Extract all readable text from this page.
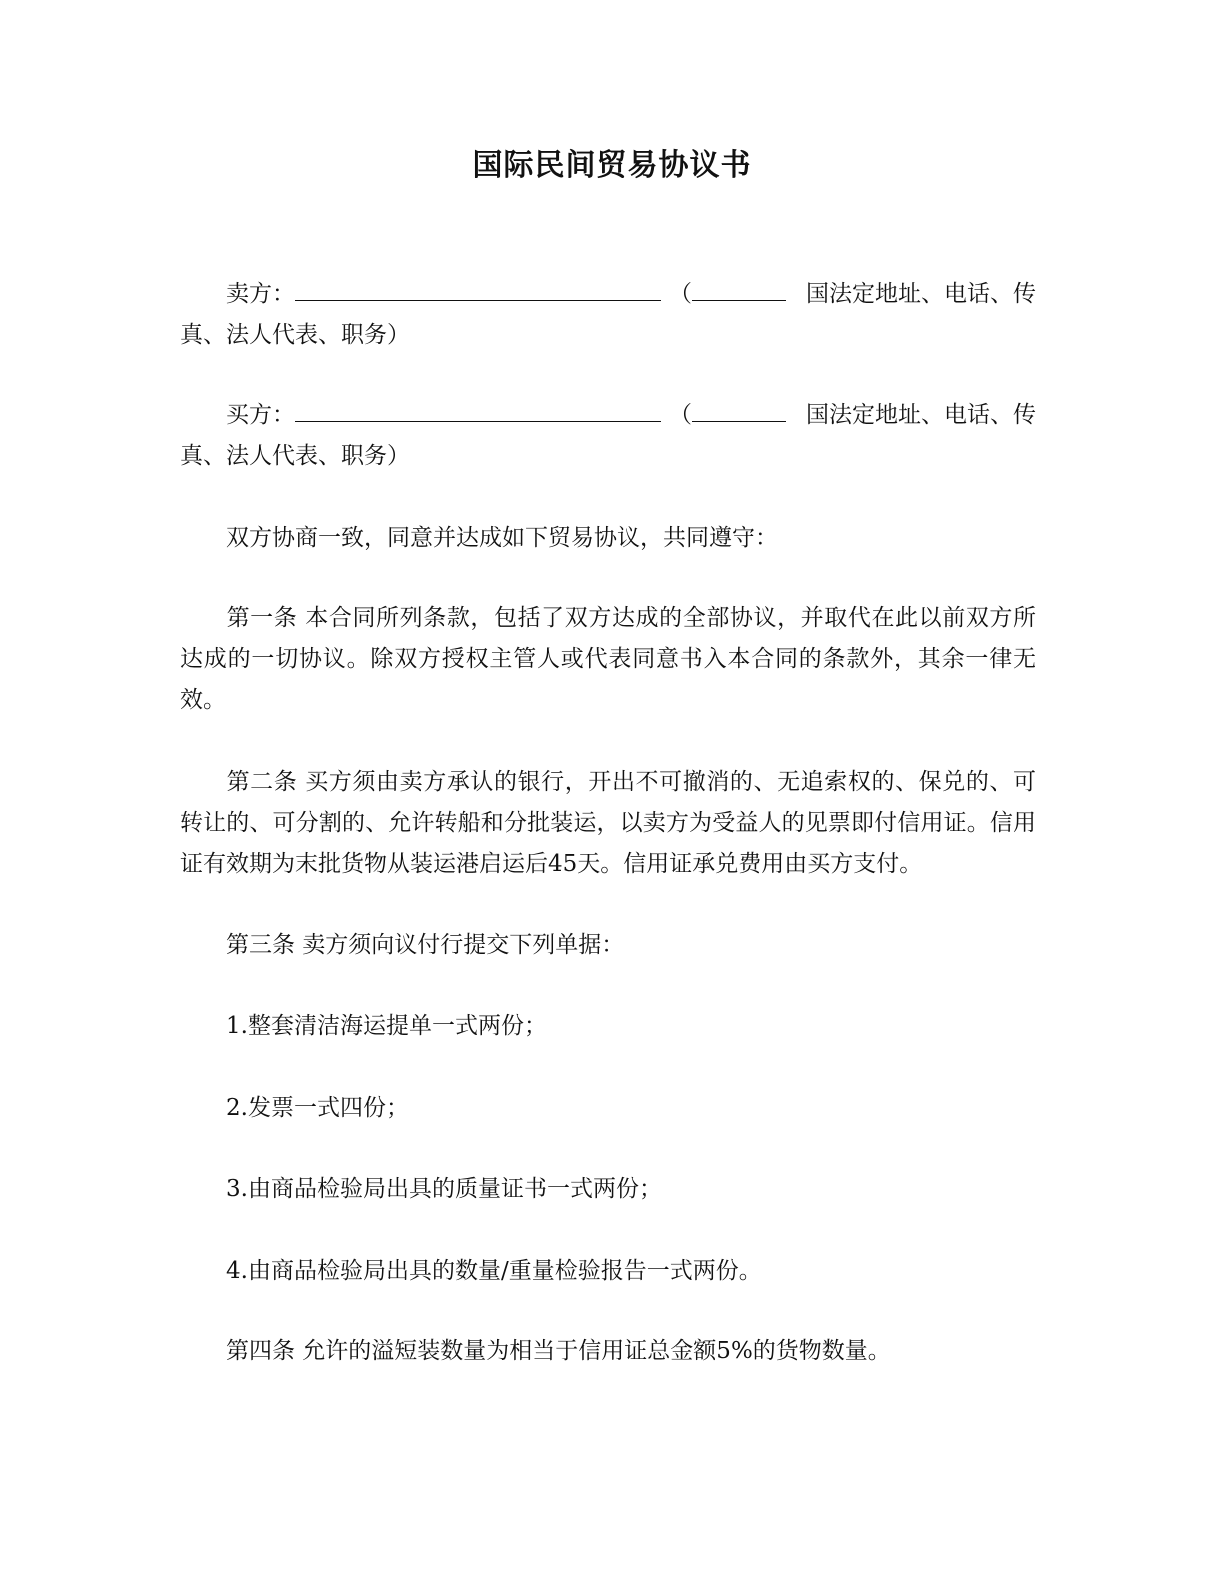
国际民间贸易协议书
卖方：	（	国法定地址、电话、传
真、法人代表、职务）
买方：	（	国法定地址、电话、传
真、法人代表、职务）

双方协商一致，同意并达成如下贸易协议，共同遵守：

第一条 本合同所列条款，包括了双方达成的全部协议，并取代在此以前双方所达成的一切协议。除双方授权主管人或代表同意书入本合同的条款外，其余一律无效。

第二条 买方须由卖方承认的银行，开出不可撤消的、无追索权的、保兑的、可转让的、可分割的、允许转船和分批装运，以卖方为受益人的见票即付信用证。信用证有效期为末批货物从装运港启运后45天。信用证承兑费用由买方支付。

第三条 卖方须向议付行提交下列单据：

1.整套清洁海运提单一式两份；

2.发票一式四份；

3.由商品检验局出具的质量证书一式两份；

4.由商品检验局出具的数量/重量检验报告一式两份。

第四条 允许的溢短装数量为相当于信用证总金额5%的货物数量。
